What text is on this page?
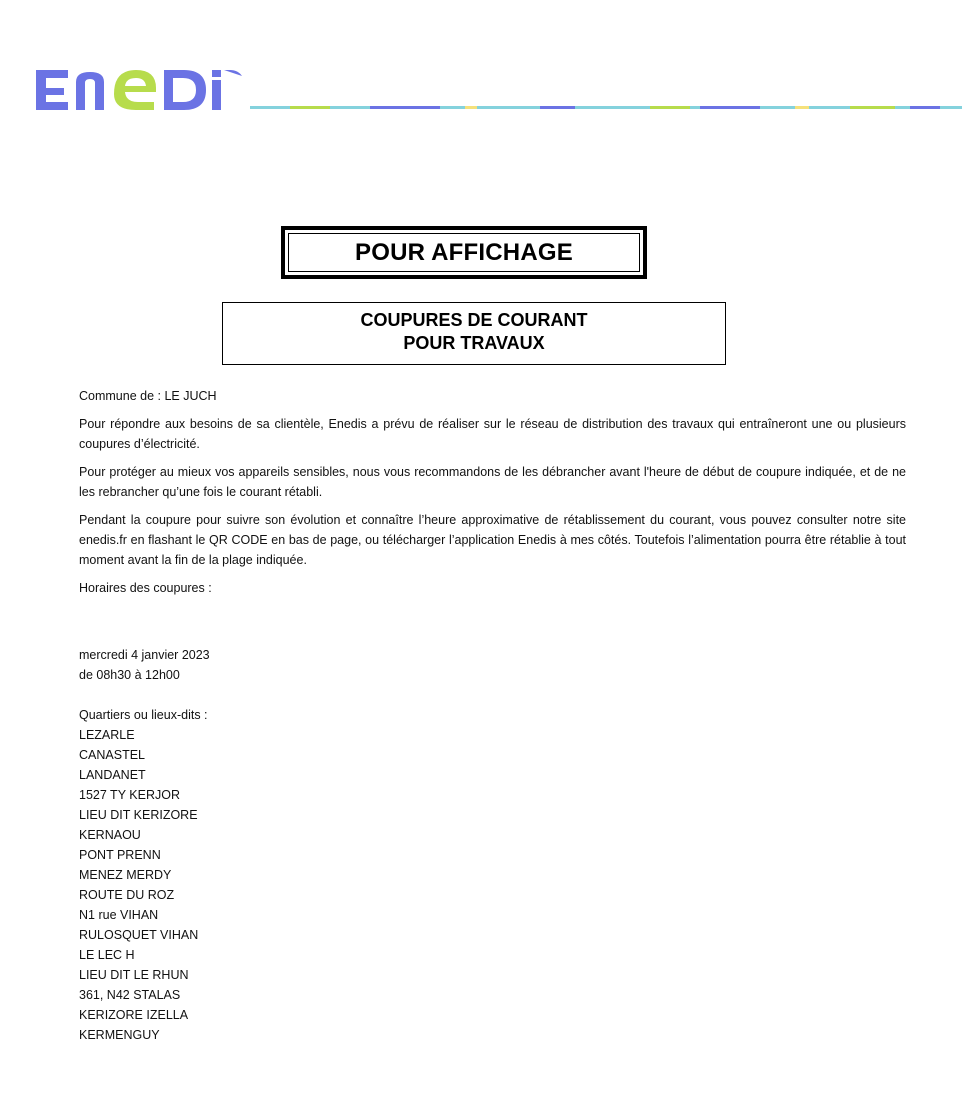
POUR AFFICHAGE
COUPURES DE COURANT
POUR TRAVAUX

Commune de : LE JUCH

Pour répondre aux besoins de sa clientèle, Enedis a prévu de réaliser sur le réseau de distribution des travaux qui entraîneront une ou plusieurs coupures d’électricité.

Pour protéger au mieux vos appareils sensibles, nous vous recommandons de les débrancher avant l'heure de début de coupure indiquée, et de ne les rebrancher qu’une fois le courant rétabli.

Pendant la coupure pour suivre son évolution et connaître l’heure approximative de rétablissement du courant, vous pouvez consulter notre site enedis.fr en flashant le QR CODE en bas de page, ou télécharger l’application Enedis à mes côtés. Toutefois l’alimentation pourra être rétablie à tout moment avant la fin de la plage indiquée.

Horaires des coupures :

mercredi 4 janvier 2023
de 08h30 à 12h00
Quartiers ou lieux-dits :
LEZARLE
CANASTEL
LANDANET
1527 TY KERJOR
LIEU DIT KERIZORE
KERNAOU
PONT PRENN
MENEZ MERDY
ROUTE DU ROZ
N1 rue VIHAN
RULOSQUET VIHAN
LE LEC H
LIEU DIT LE RHUN
361, N42 STALAS
KERIZORE IZELLA
KERMENGUY
